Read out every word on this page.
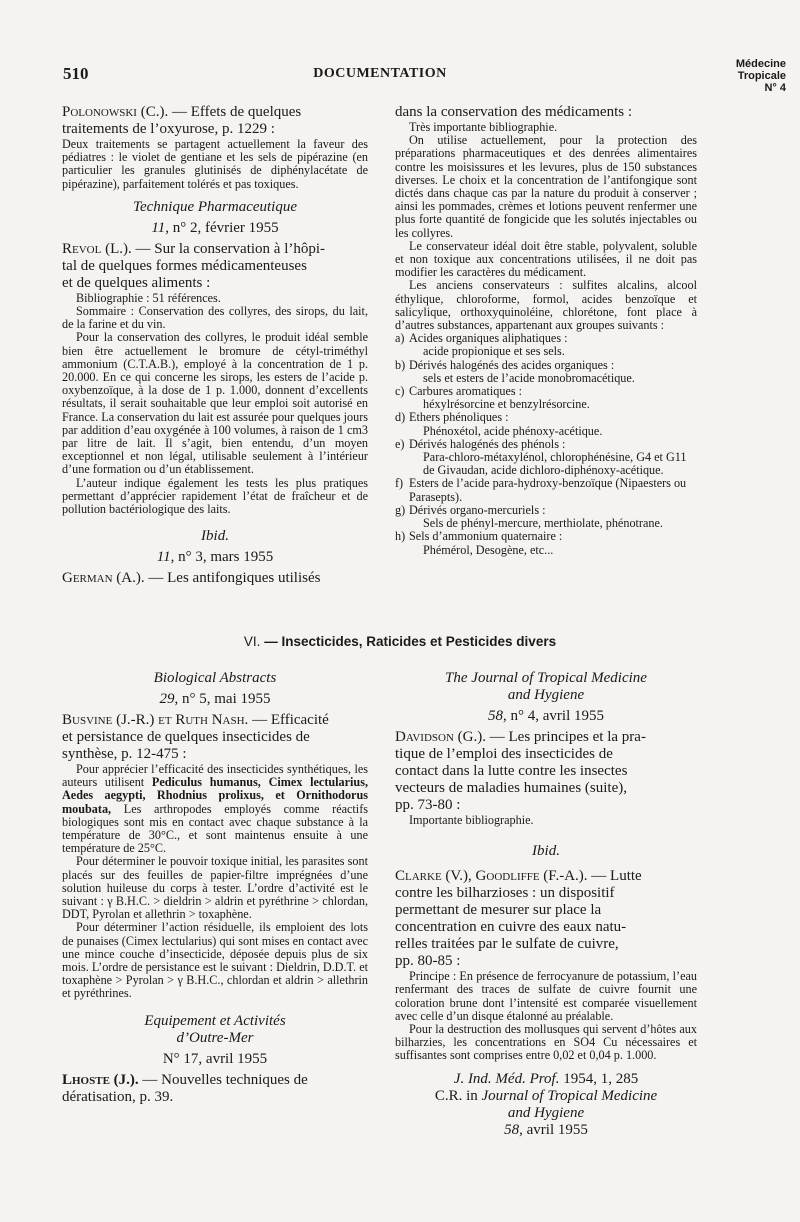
510	DOCUMENTATION
Médecine
Tropicale
N° 4

Polonowski (C.). — Effets de quelques

traitements de l’oxyurose, p. 1229 :

Deux traitements se partagent actuellement la faveur des pédiatres : le violet de gentiane et les sels de pipérazine (en particulier les granules glutinisés de diphénylacétate de pipérazine), parfaitement tolérés et pas toxiques.

Technique Pharmaceutique

11, n° 2, février 1955

Revol (L.). — Sur la conservation à l’hôpi-

tal de quelques formes médicamenteuses

et de quelques aliments :

Bibliographie : 51 références.

Sommaire : Conservation des collyres, des sirops, du lait, de la farine et du vin.

Pour la conservation des collyres, le produit idéal semble bien être actuellement le bromure de cétyl-triméthyl ammonium (C.T.A.B.), employé à la concentration de 1 p. 20.000. En ce qui concerne les sirops, les esters de l’acide p. oxybenzoïque, à la dose de 1 p. 1.000, donnent d’excellents résultats, il serait souhaitable que leur emploi soit autorisé en France. La conservation du lait est assurée pour quelques jours par addition d’eau oxygénée à 100 volumes, à raison de 1 cm3 par litre de lait. Il s’agit, bien entendu, d’un moyen exceptionnel et non légal, utilisable seulement à l’intérieur d’une formation ou d’un établissement.

L’auteur indique également les tests les plus pratiques permettant d’apprécier rapidement l’état de fraîcheur et de pollution bactériologique des laits.

Ibid.

11, n° 3, mars 1955

German (A.). — Les antifongiques utilisés

dans la conservation des médicaments :

Très importante bibliographie.

On utilise actuellement, pour la protection des préparations pharmaceutiques et des denrées alimentaires contre les moisissures et les levures, plus de 150 substances diverses. Le choix et la concentration de l’antifongique sont dictés dans chaque cas par la nature du produit à conserver ; ainsi les pommades, crèmes et lotions peuvent renfermer une plus forte quantité de fongicide que les solutés injectables ou les collyres.

Le conservateur idéal doit être stable, polyvalent, soluble et non toxique aux concentrations utilisées, il ne doit pas modifier les caractères du médicament.

Les anciens conservateurs : sulfites alcalins, alcool éthylique, chloroforme, formol, acides benzoïque et salicylique, orthoxyquinoléine, chlorétone, font place à d’autres substances, appartenant aux groupes suivants :

a) Acides organiques aliphatiques :

acide propionique et ses sels.

b) Dérivés halogénés des acides organiques :

sels et esters de l’acide monobromacétique.

c) Carbures aromatiques :

héxylrésorcine et benzylrésorcine.

d) Ethers phénoliques :

Phénoxétol, acide phénoxy-acétique.

e) Dérivés halogénés des phénols :

Para-chloro-métaxylénol, chlorophénésine, G4 et G11 de Givaudan, acide dichloro-diphénoxy-acétique.

f) Esters de l’acide para-hydroxy-benzoïque (Nipaesters ou Parasepts).
g) Dérivés organo-mercuriels :

Sels de phényl-mercure, merthiolate, phénotrane.

h) Sels d’ammonium quaternaire :

Phémérol, Desogène, etc...

VI. — Insecticides, Raticides et Pesticides divers

Biological Abstracts

29, n° 5, mai 1955

Busvine (J.-R.) et Ruth Nash. — Efficacité

et persistance de quelques insecticides de

synthèse, p. 12-475 :

Pour apprécier l’efficacité des insecticides synthétiques, les auteurs utilisent Pediculus humanus, Cimex lectularius, Aedes aegypti, Rhodnius prolixus, et Ornithodorus moubata, Les arthropodes employés comme réactifs biologiques sont mis en contact avec chaque substance à la température de 30°C., et sont maintenus ensuite à une température de 25°C.

Pour déterminer le pouvoir toxique initial, les parasites sont placés sur des feuilles de papier-filtre imprégnées d’une solution huileuse du corps à tester. L’ordre d’activité est le suivant : γ B.H.C. > dieldrin > aldrin et pyréthrine > chlordan, DDT, Pyrolan et allethrin > toxaphène.

Pour déterminer l’action résiduelle, ils emploient des lots de punaises (Cimex lectularius) qui sont mises en contact avec une mince couche d’insecticide, déposée depuis plus de six mois. L’ordre de persistance est le suivant : Dieldrin, D.D.T. et toxaphène > Pyrolan > γ B.H.C., chlordan et aldrin > allethrin et pyréthrines.

Equipement et Activités

d’Outre-Mer

N° 17, avril 1955

Lhoste (J.). — Nouvelles techniques de

dératisation, p. 39.

The Journal of Tropical Medicine

and Hygiene

58, n° 4, avril 1955

Davidson (G.). — Les principes et la pra-

tique de l’emploi des insecticides de

contact dans la lutte contre les insectes

vecteurs de maladies humaines (suite),

pp. 73-80 :

Importante bibliographie.

Ibid.

Clarke (V.), Goodliffe (F.-A.). — Lutte

contre les bilharzioses : un dispositif

permettant de mesurer sur place la

concentration en cuivre des eaux natu-

relles traitées par le sulfate de cuivre,

pp. 80-85 :

Principe : En présence de ferrocyanure de potassium, l’eau renfermant des traces de sulfate de cuivre fournit une coloration brune dont l’intensité est comparée visuellement avec celle d’un disque étalonné au préalable.

Pour la destruction des mollusques qui servent d’hôtes aux bilharzies, les concentrations en SO4 Cu nécessaires et suffisantes sont comprises entre 0,02 et 0,04 p. 1.000.

J. Ind. Méd. Prof. 1954, 1, 285

C.R. in Journal of Tropical Medicine

and Hygiene

58, avril 1955
